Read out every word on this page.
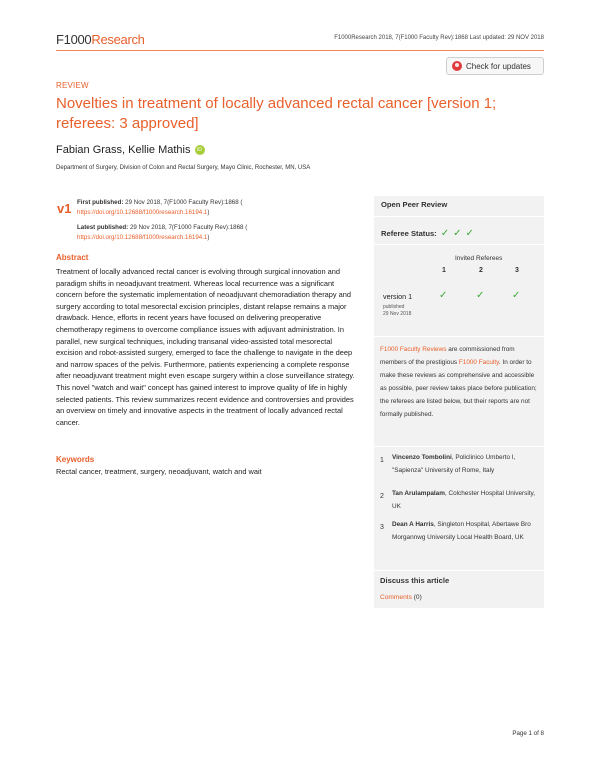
F1000Research	F1000Research 2018, 7(F1000 Faculty Rev):1868 Last updated: 29 NOV 2018
Check for updates
REVIEW
Novelties in treatment of locally advanced rectal cancer [version 1; referees: 3 approved]
Fabian Grass, Kellie Mathis	iD
Department of Surgery, Division of Colon and Rectal Surgery, Mayo Clinic, Rochester, MN, USA
v1 First published: 29 Nov 2018, 7(F1000 Faculty Rev):1868 (
https://doi.org/10.12688/f1000research.16194.1)
Latest published: 29 Nov 2018, 7(F1000 Faculty Rev):1868 (
https://doi.org/10.12688/f1000research.16194.1)
Abstract

Treatment of locally advanced rectal cancer is evolving through surgical innovation and paradigm shifts in neoadjuvant treatment. Whereas local recurrence was a significant concern before the systematic implementation of neoadjuvant chemoradiation therapy and surgery according to total mesorectal excision principles, distant relapse remains a major drawback. Hence, efforts in recent years have focused on delivering preoperative chemotherapy regimens to overcome compliance issues with adjuvant administration. In parallel, new surgical techniques, including transanal video-assisted total mesorectal excision and robot-assisted surgery, emerged to face the challenge to navigate in the deep and narrow spaces of the pelvis. Furthermore, patients experiencing a complete response after neoadjuvant treatment might even escape surgery within a close surveillance strategy. This novel "watch and wait" concept has gained interest to improve quality of life in highly selected patients. This review summarizes recent evidence and controversies and provides an overview on timely and innovative aspects in the treatment of locally advanced rectal cancer.

Keywords
Rectal cancer, treatment, surgery, neoadjuvant, watch and wait
Open Peer Review
Referee Status: ✓ ✓ ✓
Invited Referees
1	2	3
version 1
published
29 Nov 2018
✓	✓	✓
F1000 Faculty Reviews are commissioned from members of the prestigious F1000 Faculty. In order to make these reviews as comprehensive and accessible as possible, peer review takes place before publication; the referees are listed below, but their reports are not formally published.
1 Vincenzo Tombolini, Policlinico Umberto I, "Sapienza" University of Rome, Italy
2 Tan Arulampalam, Colchester Hospital University, UK
3 Dean A Harris, Singleton Hospital, Abertawe Bro Morgannwg University Local Health Board, UK
Discuss this article
Comments (0)
Page 1 of 8
